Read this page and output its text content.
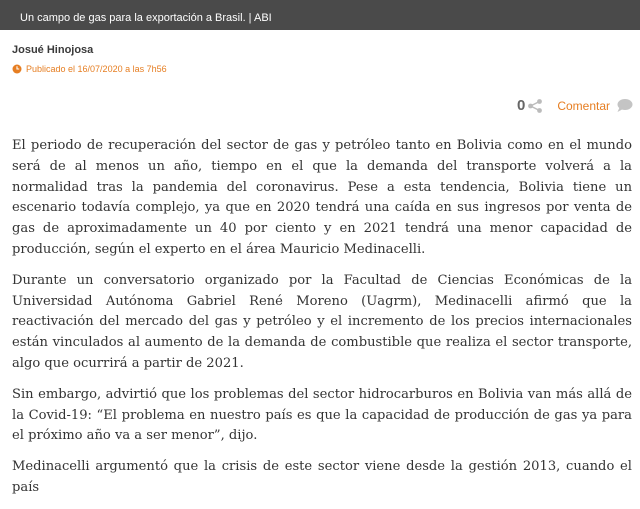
Un campo de gas para la exportación a Brasil. | ABI
Josué Hinojosa
Publicado el 16/07/2020 a las 7h56
0	Comentar

El periodo de recuperación del sector de gas y petróleo tanto en Bolivia como en el mundo será de al menos un año, tiempo en el que la demanda del transporte volverá a la normalidad tras la pandemia del coronavirus. Pese a esta tendencia, Bolivia tiene un escenario todavía complejo, ya que en 2020 tendrá una caída en sus ingresos por venta de gas de aproximadamente un 40 por ciento y en 2021 tendrá una menor capacidad de producción, según el experto en el área Mauricio Medinacelli.

Durante un conversatorio organizado por la Facultad de Ciencias Económicas de la Universidad Autónoma Gabriel René Moreno (Uagrm), Medinacelli afirmó que la reactivación del mercado del gas y petróleo y el incremento de los precios internacionales están vinculados al aumento de la demanda de combustible que realiza el sector transporte, algo que ocurrirá a partir de 2021.

Sin embargo, advirtió que los problemas del sector hidrocarburos en Bolivia van más allá de la Covid-19: “El problema en nuestro país es que la capacidad de producción de gas ya para el próximo año va a ser menor”, dijo.

Medinacelli argumentó que la crisis de este sector viene desde la gestión 2013, cuando el país
